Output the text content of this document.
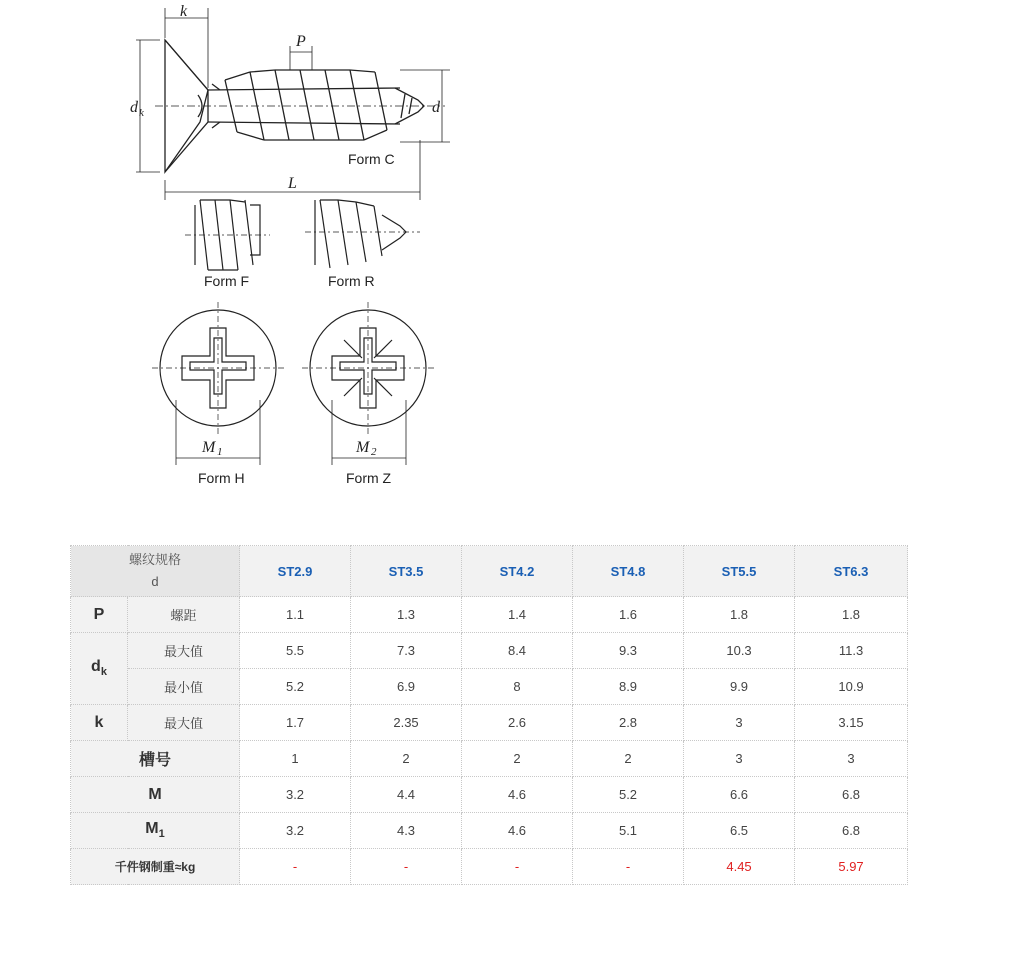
k
P
d
d k
L
Form C
Form F	Form R
M 1
Form H
M 2
Form Z
螺纹规格
d		ST2.9	ST3.5	ST4.2	ST4.8	ST5.5	ST6.3
P	螺距	1.1	1.3	1.4	1.6	1.8	1.8
$d_k$	最大值	5.5	7.3	8.4	9.3	10.3	11.3
	最小值	5.2	6.9	8	8.9	9.9	10.9
k	最大值	1.7	2.35	2.6	2.8	3	3.15
槽号		1	2	2	2	3	3
M		3.2	4.4	4.6	5.2	6.6	6.8
$M_1$		3.2	4.3	4.6	5.1	6.5	6.8
千件钢制重≈kg		-	-	-	-	4.45	5.97
